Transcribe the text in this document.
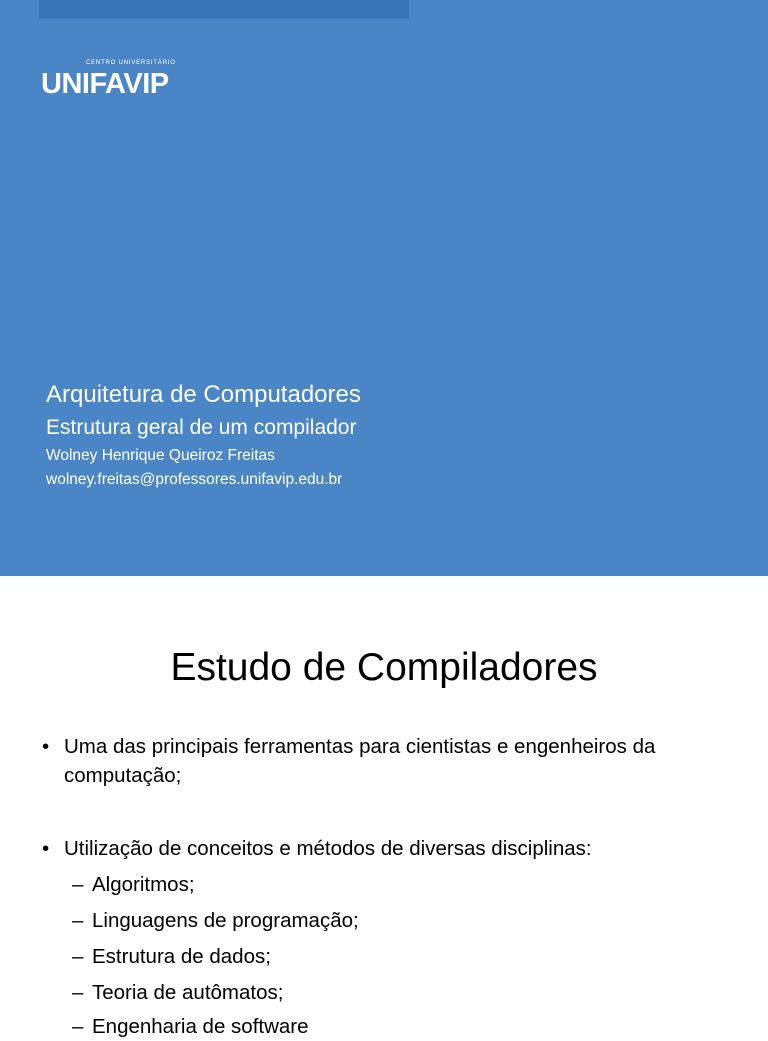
CENTRO UNIVERSITÁRIO
UNIFAVIP
Arquitetura de Computadores
Estrutura geral de um compilador
Wolney Henrique Queiroz Freitas
wolney.freitas@professores.unifavip.edu.br
Estudo de Compiladores
• Uma das principais ferramentas para cientistas e engenheiros da computação;
• Utilização de conceitos e métodos de diversas disciplinas:
– Algoritmos;
– Linguagens de programação;
– Estrutura de dados;
– Teoria de autômatos;
– Engenharia de software
